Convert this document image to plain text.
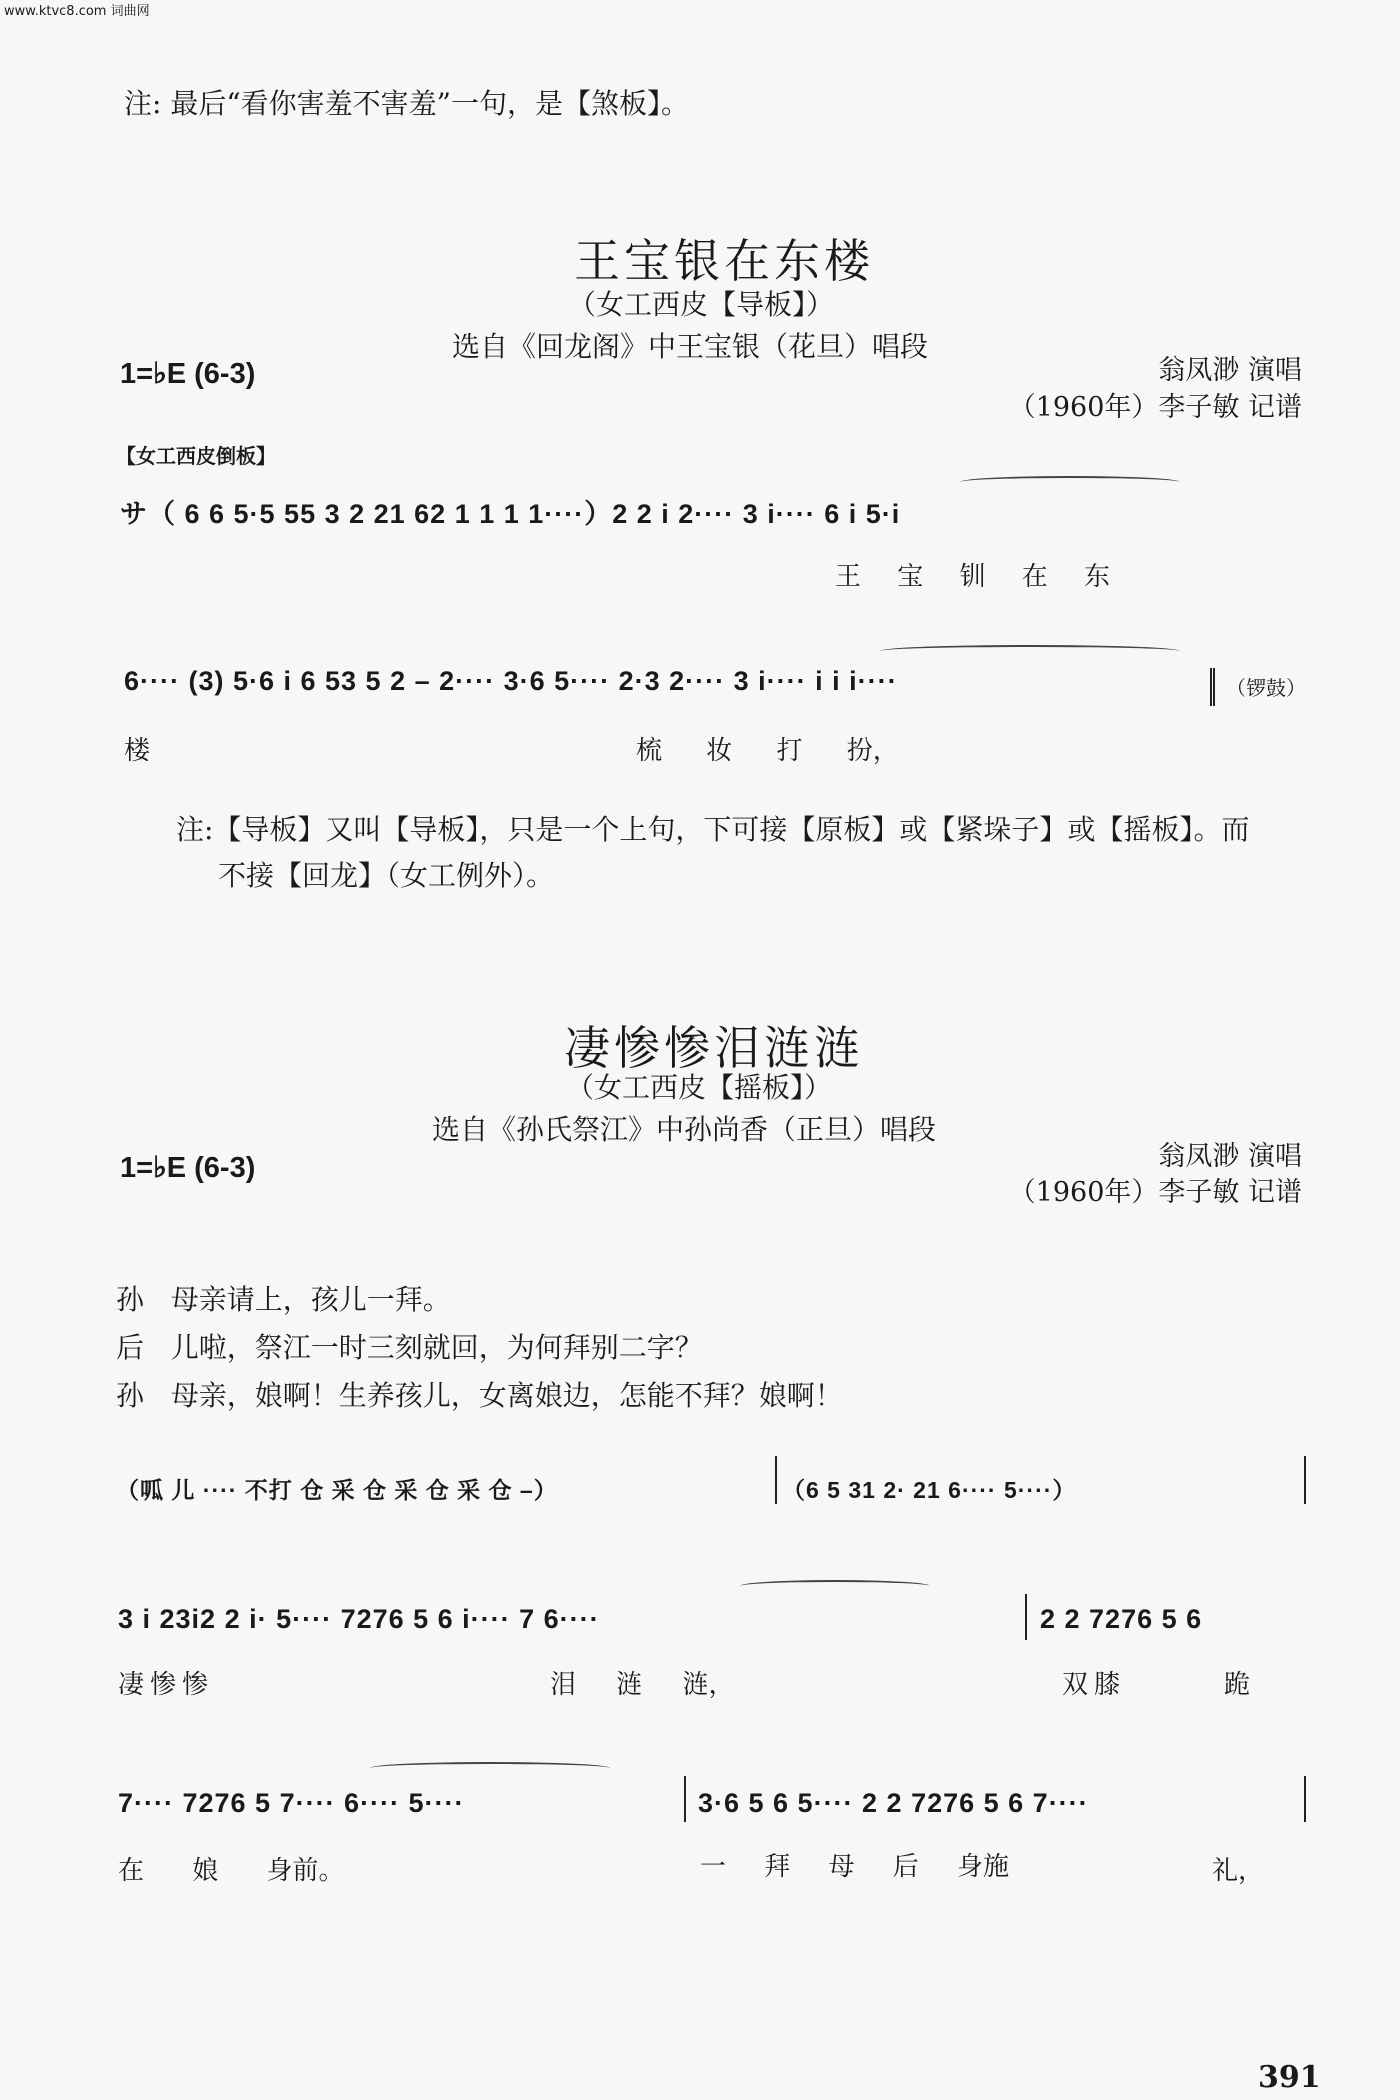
www.ktvc8.com 词曲网
注: 最后“看你害羞不害羞”一句，是【煞板】。
王宝银在东楼
（女工西皮【导板】）
选自《回龙阁》中王宝银（花旦）唱段
1=♭E (6-3)	翁凤渺 演唱
（1960年）李子敏 记谱
【女工西皮倒板】
サ（ 6 6 5·5 55 3 2 21 62 1 1 1 1····）2 2 i 2···· 3 i···· 6 i 5·i
王 宝 钏 在 东
6···· (3) 5·6 i 6 53 5 2 – 2···· 3·6 5···· 2·3 2···· 3 i···· i i i····	（锣鼓）
楼	梳 妆 打 扮，
注:【导板】又叫【导板】，只是一个上句，下可接【原板】或【紧垛子】或【摇板】。而
不接【回龙】（女工例外）。
凄惨惨泪涟涟
（女工西皮【摇板】）
选自《孙氏祭江》中孙尚香（正旦）唱段
1=♭E (6-3)	翁凤渺 演唱
（1960年）李子敏 记谱
孙 母亲请上，孩儿一拜。
后 儿啦，祭江一时三刻就回，为何拜别二字？
孙 母亲，娘啊！生养孩儿，女离娘边，怎能不拜？娘啊！
（呱 儿 ···· 不打 仓 采 仓 采 仓 采 仓 –）	（6 5 31 2· 21 6···· 5····）
3 i 23i2 2 i· 5···· 7276 5 6 i···· 7 6····	2 2 7276 5 6
凄惨惨	泪 涟 涟，	双膝	跪
7···· 7276 5 7···· 6···· 5····	3·6 5 6 5···· 2 2 7276 5 6 7····
在 娘 身前。	一 拜 母 后 身施	礼，
391
